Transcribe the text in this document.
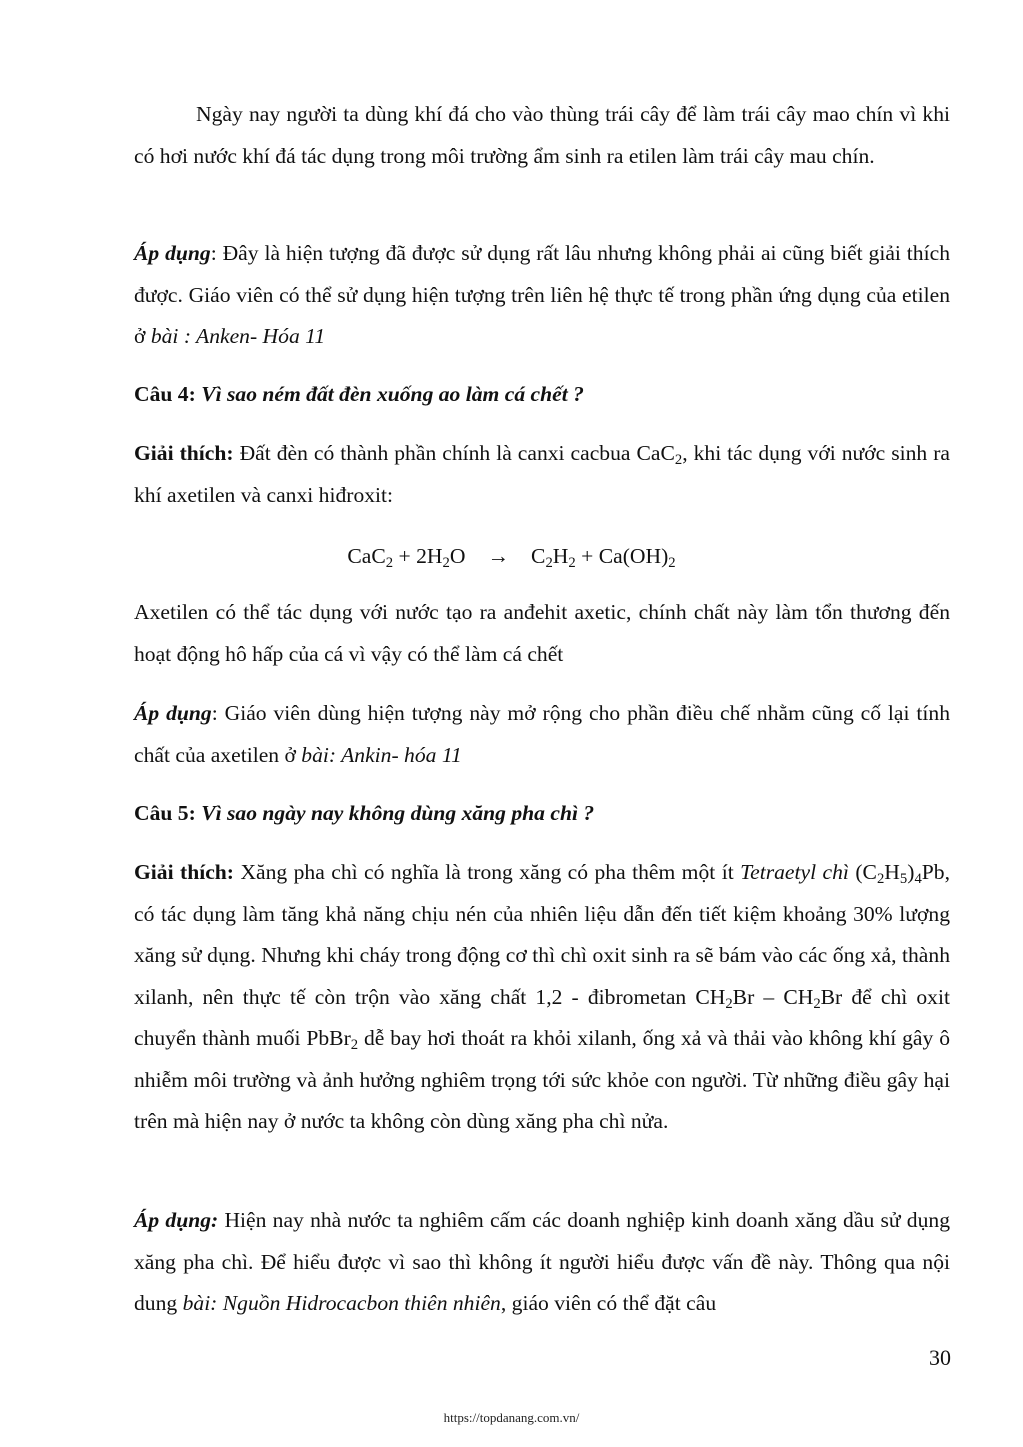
Ngày nay người ta dùng khí đá cho vào thùng trái cây để làm trái cây mao chín vì khi có hơi nước khí đá tác dụng trong môi trường ẩm sinh ra etilen làm trái cây mau chín.

Áp dụng: Đây là hiện tượng đã được sử dụng rất lâu nhưng không phải ai cũng biết giải thích được. Giáo viên có thể sử dụng hiện tượng trên liên hệ thực tế trong phần ứng dụng của etilen ở bài : Anken- Hóa 11

Câu 4: Vì sao ném đất đèn xuống ao làm cá chết ?

Giải thích: Đất đèn có thành phần chính là canxi cacbua CaC$_2$, khi tác dụng với nước sinh ra khí axetilen và canxi hiđroxit:

$CaC_2 + 2H_2O \to C_2H_2 + Ca(OH)_2$

Axetilen có thể tác dụng với nước tạo ra anđehit axetic, chính chất này làm tổn thương đến hoạt động hô hấp của cá vì vậy có thể làm cá chết

Áp dụng: Giáo viên dùng hiện tượng này mở rộng cho phần điều chế nhằm cũng cố lại tính chất của axetilen ở bài: Ankin- hóa 11

Câu 5: Vì sao ngày nay không dùng xăng pha chì ?

Giải thích: Xăng pha chì có nghĩa là trong xăng có pha thêm một ít Tetraetyl chì $(C_2H_5)_4Pb$, có tác dụng làm tăng khả năng chịu nén của nhiên liệu dẫn đến tiết kiệm khoảng 30% lượng xăng sử dụng. Nhưng khi cháy trong động cơ thì chì oxit sinh ra sẽ bám vào các ống xả, thành xilanh, nên thực tế còn trộn vào xăng chất 1,2 - đibrometan $CH_2Br - CH_2Br$ để chì oxit chuyển thành muối PbBr$_2$ dễ bay hơi thoát ra khỏi xilanh, ống xả và thải vào không khí gây ô nhiễm môi trường và ảnh hưởng nghiêm trọng tới sức khỏe con người. Từ những điều gây hại trên mà hiện nay ở nước ta không còn dùng xăng pha chì nửa.

Áp dụng: Hiện nay nhà nước ta nghiêm cấm các doanh nghiệp kinh doanh xăng dầu sử dụng xăng pha chì. Để hiểu được vì sao thì không ít người hiểu được vấn đề này. Thông qua nội dung bài: Nguồn Hidrocacbon thiên nhiên, giáo viên có thể đặt câu

30
https://topdanang.com.vn/
